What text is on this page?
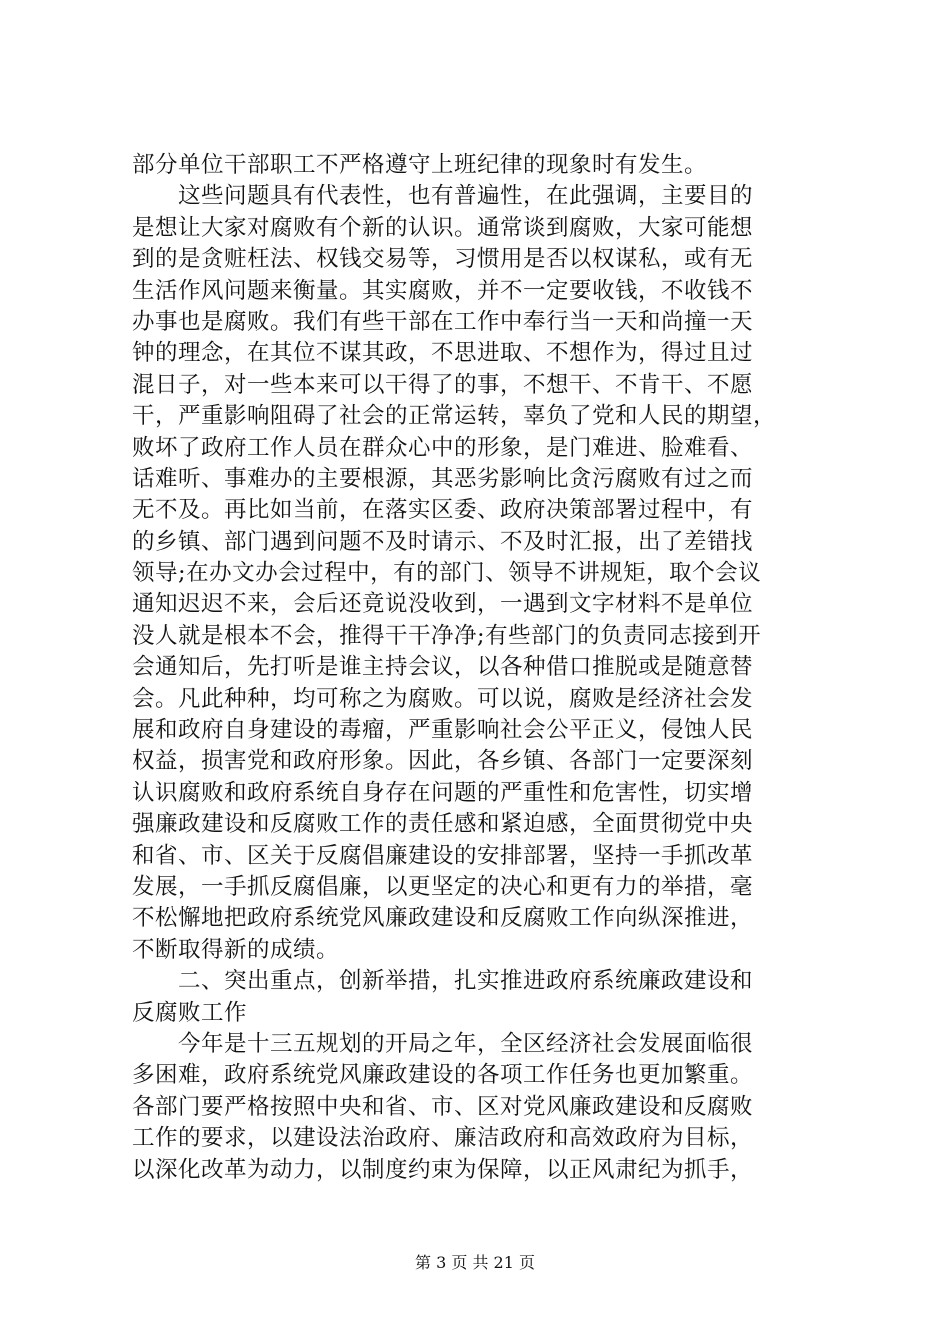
部分单位干部职工不严格遵守上班纪律的现象时有发生。
这些问题具有代表性，也有普遍性，在此强调，主要目的
是想让大家对腐败有个新的认识。通常谈到腐败，大家可能想
到的是贪赃枉法、权钱交易等，习惯用是否以权谋私，或有无
生活作风问题来衡量。其实腐败，并不一定要收钱，不收钱不
办事也是腐败。我们有些干部在工作中奉行当一天和尚撞一天
钟的理念，在其位不谋其政，不思进取、不想作为，得过且过
混日子，对一些本来可以干得了的事，不想干、不肯干、不愿
干，严重影响阻碍了社会的正常运转，辜负了党和人民的期望，
败坏了政府工作人员在群众心中的形象，是门难进、脸难看、
话难听、事难办的主要根源，其恶劣影响比贪污腐败有过之而
无不及。再比如当前，在落实区委、政府决策部署过程中，有
的乡镇、部门遇到问题不及时请示、不及时汇报，出了差错找
领导;在办文办会过程中，有的部门、领导不讲规矩，取个会议
通知迟迟不来，会后还竟说没收到，一遇到文字材料不是单位
没人就是根本不会，推得干干净净;有些部门的负责同志接到开
会通知后，先打听是谁主持会议，以各种借口推脱或是随意替
会。凡此种种，均可称之为腐败。可以说，腐败是经济社会发
展和政府自身建设的毒瘤，严重影响社会公平正义，侵蚀人民
权益，损害党和政府形象。因此，各乡镇、各部门一定要深刻
认识腐败和政府系统自身存在问题的严重性和危害性，切实增
强廉政建设和反腐败工作的责任感和紧迫感，全面贯彻党中央
和省、市、区关于反腐倡廉建设的安排部署，坚持一手抓改革
发展，一手抓反腐倡廉，以更坚定的决心和更有力的举措，毫
不松懈地把政府系统党风廉政建设和反腐败工作向纵深推进，
不断取得新的成绩。
二、突出重点，创新举措，扎实推进政府系统廉政建设和
反腐败工作
今年是十三五规划的开局之年，全区经济社会发展面临很
多困难，政府系统党风廉政建设的各项工作任务也更加繁重。
各部门要严格按照中央和省、市、区对党风廉政建设和反腐败
工作的要求，以建设法治政府、廉洁政府和高效政府为目标，
以深化改革为动力，以制度约束为保障，以正风肃纪为抓手，
第 3 页 共 21 页
